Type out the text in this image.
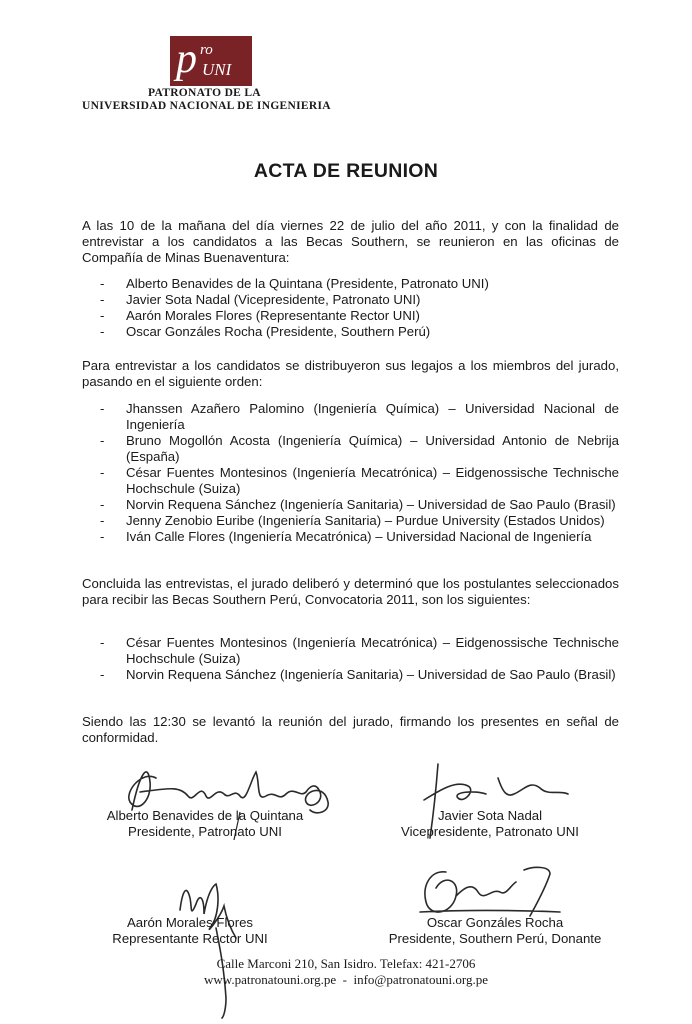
p ro
UNI
PATRONATO DE LA
UNIVERSIDAD NACIONAL DE INGENIERIA
ACTA DE REUNION
A las 10 de la mañana del día viernes 22 de julio del año 2011, y con la finalidad de entrevistar a los candidatos a las Becas Southern, se reunieron en las oficinas de Compañía de Minas Buenaventura:
- Alberto Benavides de la Quintana (Presidente, Patronato UNI)
- Javier Sota Nadal (Vicepresidente, Patronato UNI)
- Aarón Morales Flores (Representante Rector UNI)
- Oscar Gonzáles Rocha (Presidente, Southern Perú)
Para entrevistar a los candidatos se distribuyeron sus legajos a los miembros del jurado, pasando en el siguiente orden:
- Jhanssen Azañero Palomino (Ingeniería Química) – Universidad Nacional de Ingeniería
- Bruno Mogollón Acosta (Ingeniería Química) – Universidad Antonio de Nebrija (España)
- César Fuentes Montesinos (Ingeniería Mecatrónica) – Eidgenossische Technische Hochschule (Suiza)
- Norvin Requena Sánchez (Ingeniería Sanitaria) – Universidad de Sao Paulo (Brasil)
- Jenny Zenobio Euribe (Ingeniería Sanitaria) – Purdue University (Estados Unidos)
- Iván Calle Flores (Ingeniería Mecatrónica) – Universidad Nacional de Ingeniería
Concluida las entrevistas, el jurado deliberó y determinó que los postulantes seleccionados para recibir las Becas Southern Perú, Convocatoria 2011, son los siguientes:
- César Fuentes Montesinos (Ingeniería Mecatrónica) – Eidgenossische Technische Hochschule (Suiza)
- Norvin Requena Sánchez (Ingeniería Sanitaria) – Universidad de Sao Paulo (Brasil)
Siendo las 12:30 se levantó la reunión del jurado, firmando los presentes en señal de conformidad.
Alberto Benavides de la Quintana
Presidente, Patronato UNI
Javier Sota Nadal
Vicepresidente, Patronato UNI
Aarón Morales Flores
Representante Rector UNI
Oscar Gonzáles Rocha
Presidente, Southern Perú, Donante
Calle Marconi 210, San Isidro. Telefax: 421-2706
www.patronatouni.org.pe  -  info@patronatouni.org.pe
